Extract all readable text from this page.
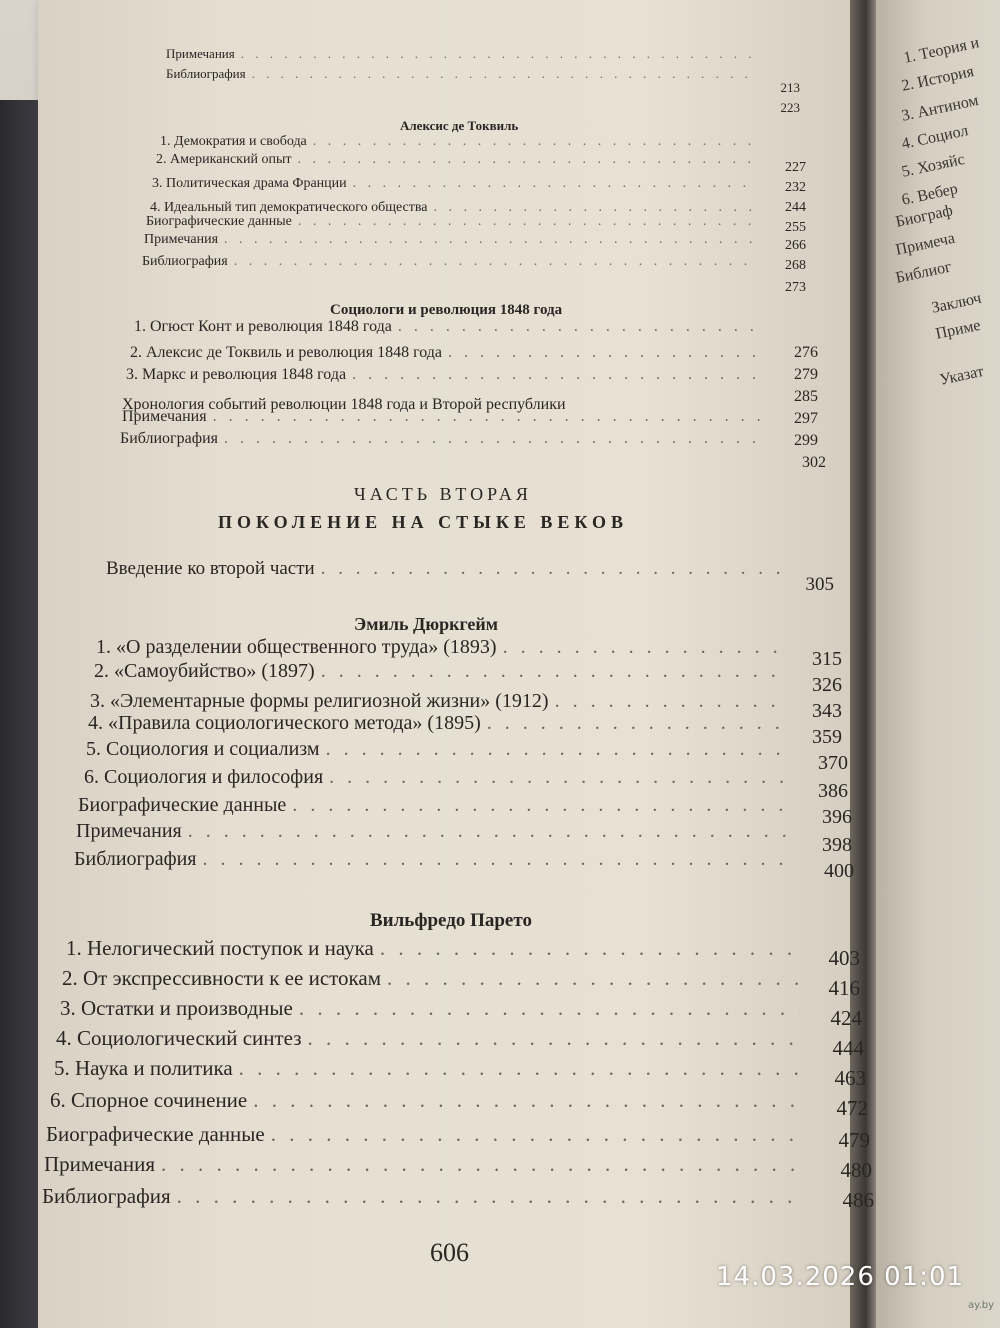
1. Теория и
2. История
3. Антином
4. Социол
5. Хозяйс
6. Вебер
Биограф
Примеча
Библиог
Заключ
Приме
Указат
Примечания
. . .
Библиография
. . .
213
223
Алексис де Токвиль
1. Демократия и свобода
. . .
2. Американский опыт
. . .
3. Политическая драма Франции
. . .
4. Идеальный тип демократического общества
. . .
Биографические данные
. . .
Примечания
. . .
Библиография
. . .
227
232
244
255
266
268
273
Социологи и революция 1848 года
1. Огюст Конт и революция 1848 года
. . .
2. Алексис де Токвиль и революция 1848 года
. . .
3. Маркс и революция 1848 года
. . .
Хронология событий революции 1848 года и Второй республики
Примечания
. . .
Библиография
. . .
276
279
285
297
299
302
ЧАСТЬ ВТОРАЯ
ПОКОЛЕНИЕ НА СТЫКЕ ВЕКОВ
Введение ко второй части
. . .
305
Эмиль Дюркгейм
1. «О разделении общественного труда» (1893)
. . .
2. «Самоубийство» (1897)
. . .
3. «Элементарные формы религиозной жизни» (1912)
. . .
4. «Правила социологического метода» (1895)
. . .
5. Социология и социализм
. . .
6. Социология и философия
. . .
Биографические данные
. . .
Примечания
. . .
Библиография
. . .
315
326
343
359
370
386
396
398
400
Вильфредо Парето
1. Нелогический поступок и наука
. . .
2. От экспрессивности к ее истокам
. . .
3. Остатки и производные
. . .
4. Социологический синтез
. . .
5. Наука и политика
. . .
6. Спорное сочинение
. . .
Биографические данные
. . .
Примечания
. . .
Библиография
. . .
403
416
424
444
463
472
479
480
486
606
14.03.2026 01:01
ay.by
